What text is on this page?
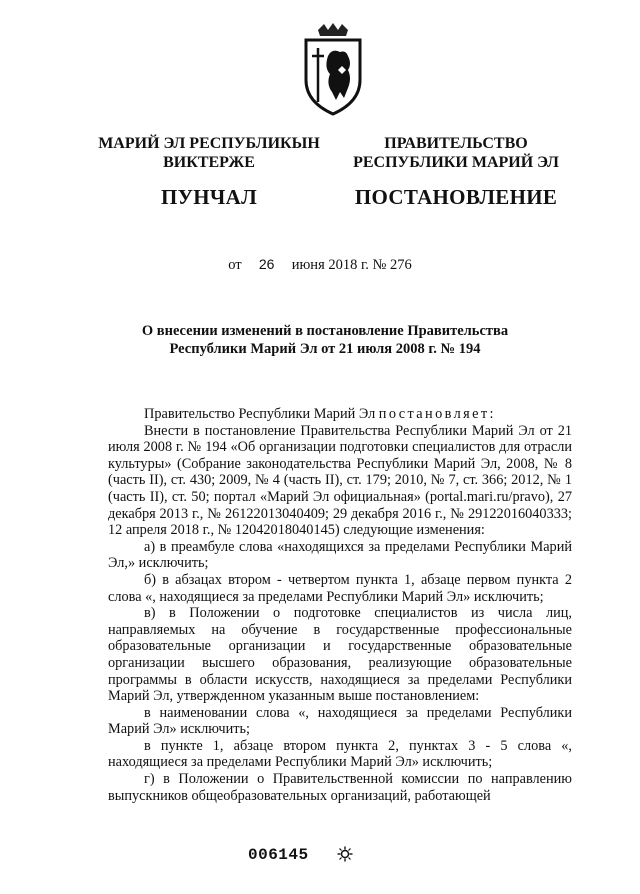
МАРИЙ ЭЛ РЕСПУБЛИКЫН
ВИКТЕРЖЕ
ПУНЧАЛ
ПРАВИТЕЛЬСТВО
РЕСПУБЛИКИ МАРИЙ ЭЛ
ПОСТАНОВЛЕНИЕ
от 26 июня 2018 г. № 276
О внесении изменений в постановление Правительства
Республики Марий Эл от 21 июля 2008 г. № 194

Правительство Республики Марий Эл постановляет:

Внести в постановление Правительства Республики Марий Эл от 21 июля 2008 г. № 194 «Об организации подготовки специалистов для отрасли культуры» (Собрание законодательства Республики Марий Эл, 2008, № 8 (часть II), ст. 430; 2009, № 4 (часть II), ст. 179; 2010, № 7, ст. 366; 2012, № 1 (часть II), ст. 50; портал «Марий Эл официальная» (portal.mari.ru/pravo), 27 декабря 2013 г., № 26122013040409; 29 декабря 2016 г., № 29122016040333; 12 апреля 2018 г., № 12042018040145) следующие изменения:

а) в преамбуле слова «находящихся за пределами Республики Марий Эл,» исключить;

б) в абзацах втором - четвертом пункта 1, абзаце первом пункта 2 слова «, находящиеся за пределами Республики Марий Эл» исключить;

в) в Положении о подготовке специалистов из числа лиц, направляемых на обучение в государственные профессиональные образовательные организации и государственные образовательные организации высшего образования, реализующие образовательные программы в области искусств, находящиеся за пределами Республики Марий Эл, утвержденном указанным выше постановлением:

в наименовании слова «, находящиеся за пределами Республики Марий Эл» исключить;

в пункте 1, абзаце втором пункта 2, пунктах 3 - 5 слова «, находящиеся за пределами Республики Марий Эл» исключить;

г) в Положении о Правительственной комиссии по направлению выпускников общеобразовательных организаций, работающей

006145
